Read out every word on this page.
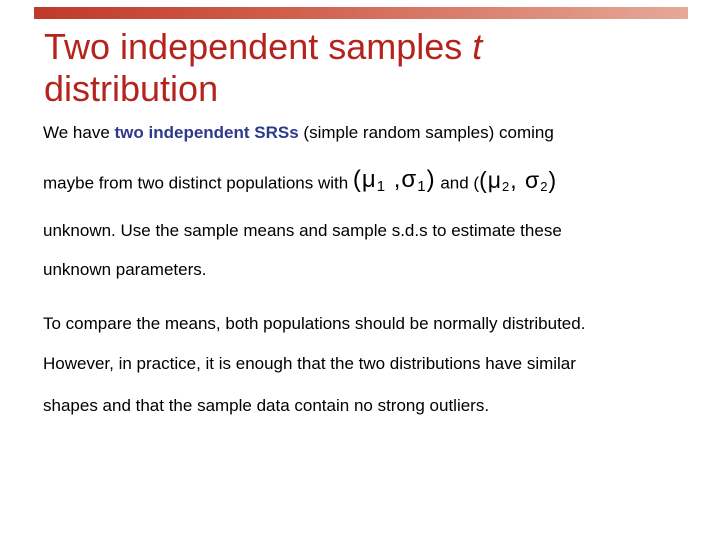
Two independent samples t
distribution
We have two independent SRSs (simple random samples) coming
maybe from two distinct populations with ($\mu_1$ $,\sigma_1$) and ((μ2, σ2)
unknown. Use the sample means and sample s.d.s to estimate these
unknown parameters.
To compare the means, both populations should be normally distributed.
However, in practice, it is enough that the two distributions have similar
shapes and that the sample data contain no strong outliers.
